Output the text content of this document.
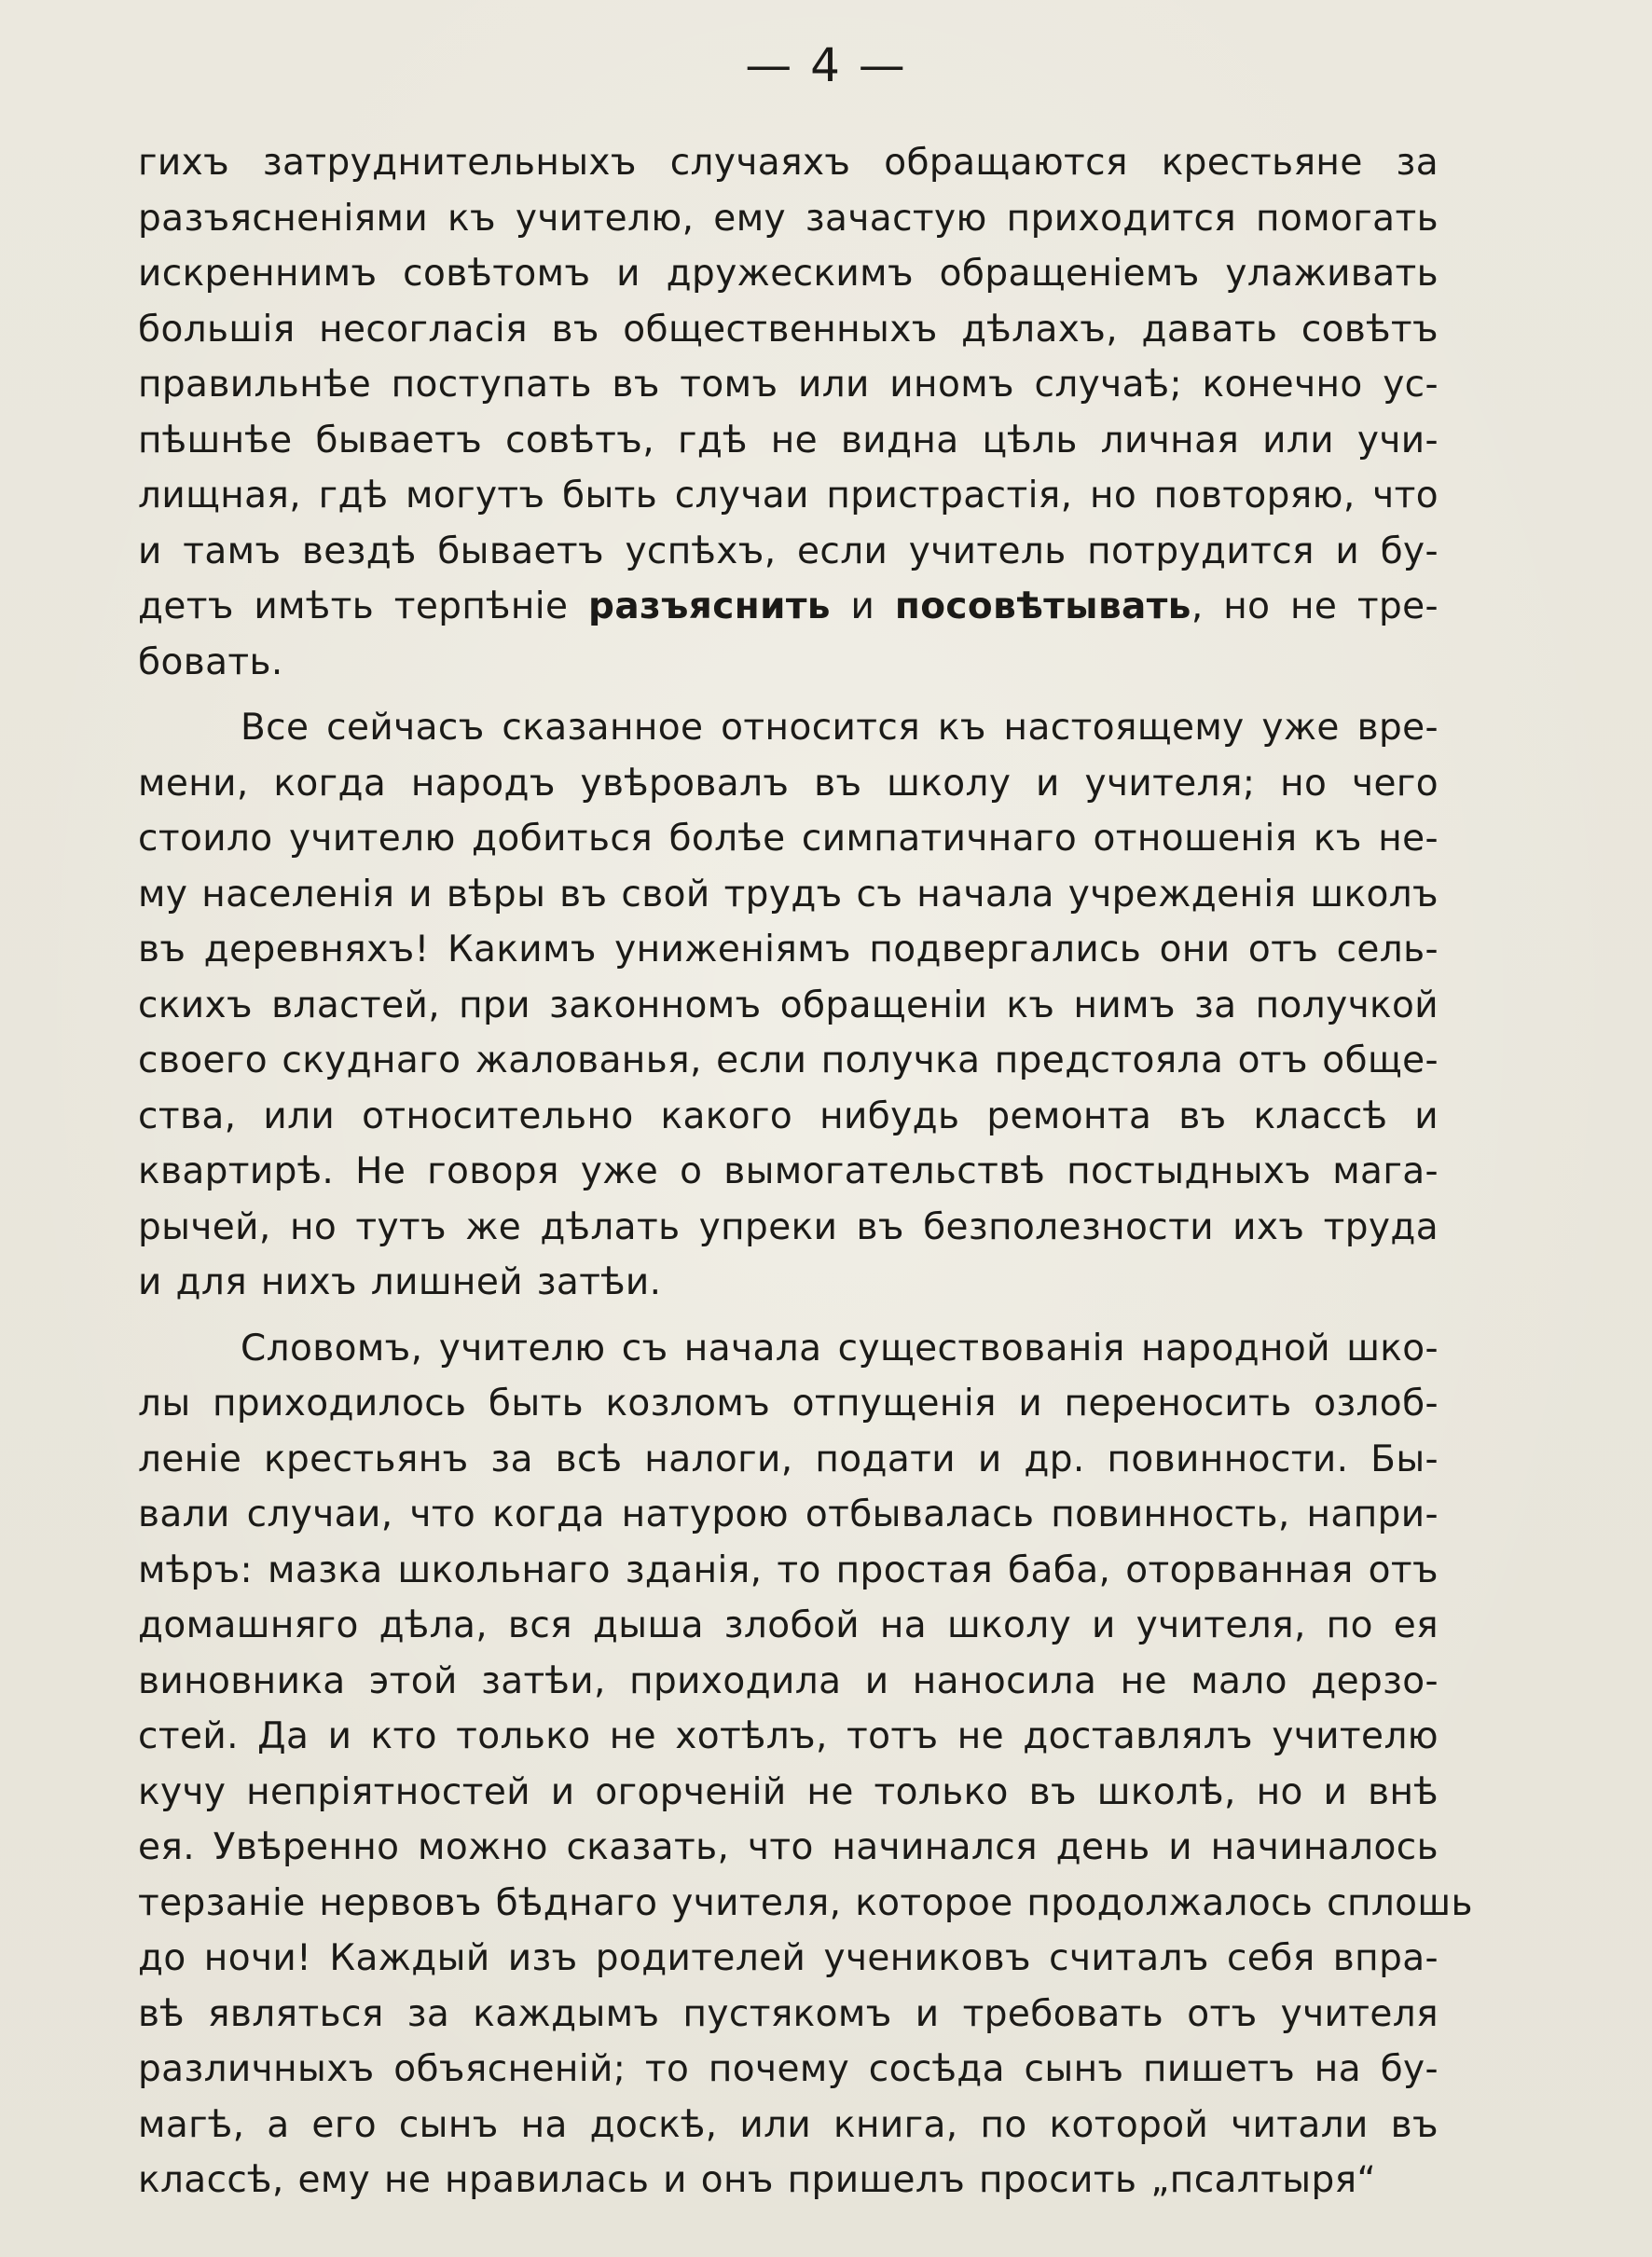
— 4 —
гихъ затруднительныхъ случаяхъ обращаются крестьяне за
разъясненіями къ учителю, ему зачастую приходится помогать
искреннимъ совѣтомъ и дружескимъ обращеніемъ улаживать
большія несогласія въ общественныхъ дѣлахъ, давать совѣтъ
правильнѣе поступать въ томъ или иномъ случаѣ; конечно ус-
пѣшнѣе бываетъ совѣтъ, гдѣ не видна цѣль личная или учи-
лищная, гдѣ могутъ быть случаи пристрастія, но повторяю, что
и тамъ вездѣ бываетъ успѣхъ, если учитель потрудится и бу-
детъ имѣть терпѣніе разъяснить и посовѣтывать, но не тре-
бовать.
Все сейчасъ сказанное относится къ настоящему уже вре-
мени, когда народъ увѣровалъ въ школу и учителя; но чего
стоило учителю добиться болѣе симпатичнаго отношенія къ не-
му населенія и вѣры въ свой трудъ съ начала учрежденія школъ
въ деревняхъ! Какимъ униженіямъ подвергались они отъ сель-
скихъ властей, при законномъ обращеніи къ нимъ за получкой
своего скуднаго жалованья, если получка предстояла отъ обще-
ства, или относительно какого нибудь ремонта въ классѣ и
квартирѣ. Не говоря уже о вымогательствѣ постыдныхъ мага-
рычей, но тутъ же дѣлать упреки въ безполезности ихъ труда
и для нихъ лишней затѣи.
Словомъ, учителю съ начала существованія народной шко-
лы приходилось быть козломъ отпущенія и переносить озлоб-
леніе крестьянъ за всѣ налоги, подати и др. повинности. Бы-
вали случаи, что когда натурою отбывалась повинность, напри-
мѣръ: мазка школьнаго зданія, то простая баба, оторванная отъ
домашняго дѣла, вся дыша злобой на школу и учителя, по ея
виновника этой затѣи, приходила и наносила не мало дерзо-
стей. Да и кто только не хотѣлъ, тотъ не доставлялъ учителю
кучу непріятностей и огорченій не только въ школѣ, но и внѣ
ея. Увѣренно можно сказать, что начинался день и начиналось
терзаніе нервовъ бѣднаго учителя, которое продолжалось сплошь
до ночи! Каждый изъ родителей учениковъ считалъ себя впра-
вѣ являться за каждымъ пустякомъ и требовать отъ учителя
различныхъ объясненій; то почему сосѣда сынъ пишетъ на бу-
магѣ, а его сынъ на доскѣ, или книга, по которой читали въ
классѣ, ему не нравилась и онъ пришелъ просить „псалтыря“
